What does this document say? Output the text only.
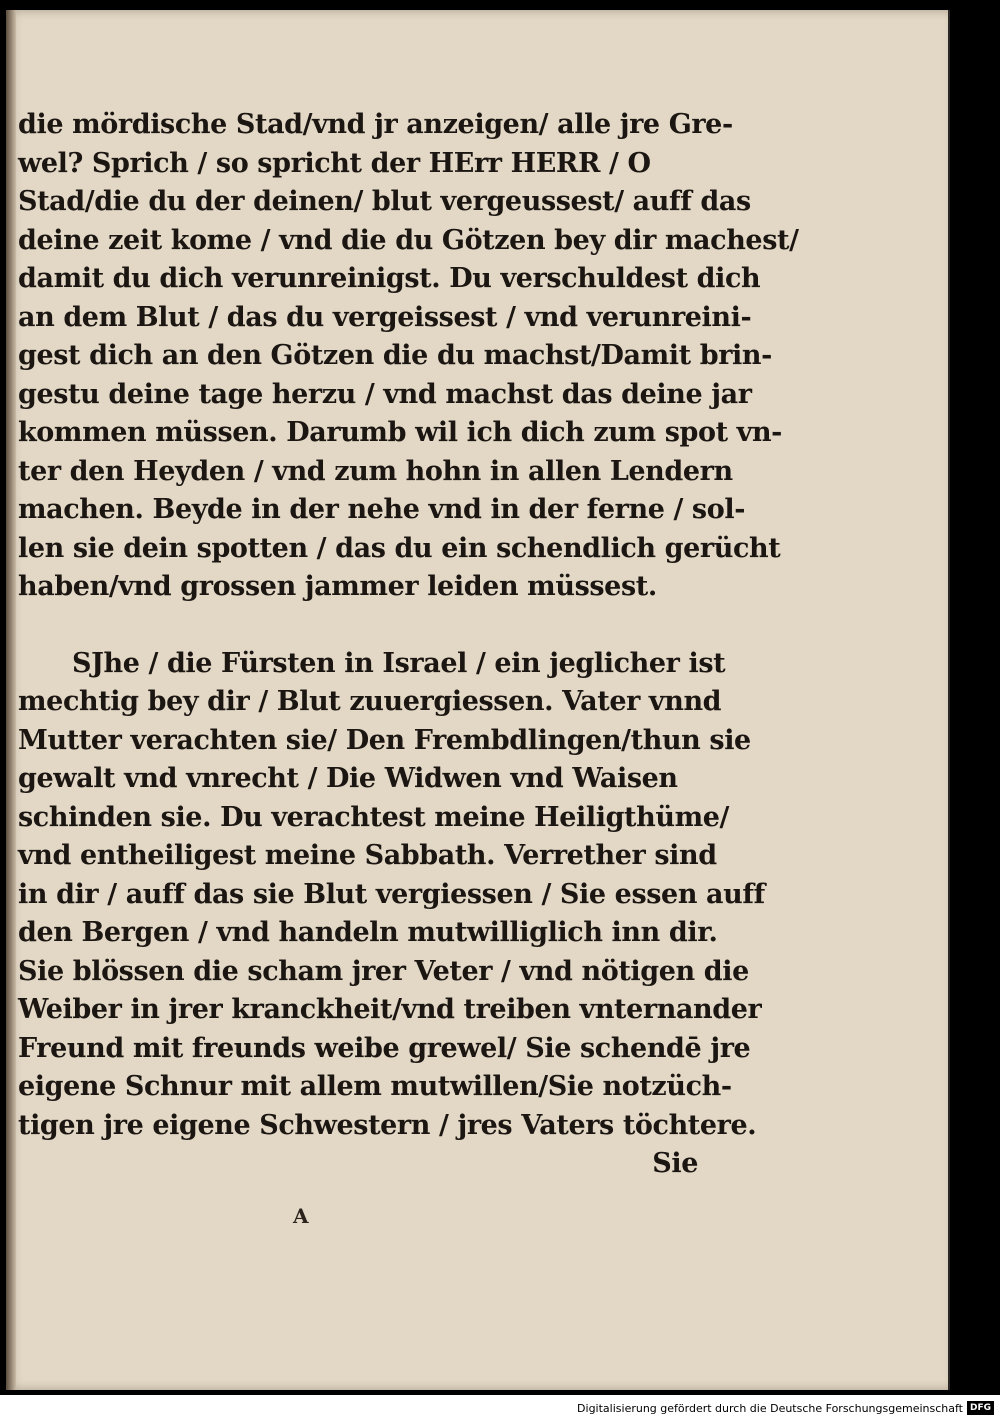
die mördische Stad/vnd jr anzeigen/ alle jre Gre-
wel? Sprich / so spricht der HErr HERR / O
Stad/die du der deinen/ blut vergeussest/ auff das
deine zeit kome / vnd die du Götzen bey dir machest/
damit du dich verunreinigst. Du verschuldest dich
an dem Blut / das du vergeissest / vnd verunreini-
gest dich an den Götzen die du machst/Damit brin-
gestu deine tage herzu / vnd machst das deine jar
kommen müssen. Darumb wil ich dich zum spot vn-
ter den Heyden / vnd zum hohn in allen Lendern
machen. Beyde in der nehe vnd in der ferne / sol-
len sie dein spotten / das du ein schendlich gerücht
haben/vnd grossen jammer leiden müssest.
SJhe / die Fürsten in Israel / ein jeglicher ist
mechtig bey dir / Blut zuuergiessen. Vater vnnd
Mutter verachten sie/ Den Frembdlingen/thun sie
gewalt vnd vnrecht / Die Widwen vnd Waisen
schinden sie. Du verachtest meine Heiligthüme/
vnd entheiligest meine Sabbath. Verrether sind
in dir / auff das sie Blut vergiessen / Sie essen auff
den Bergen / vnd handeln mutwilliglich inn dir.
Sie blössen die scham jrer Veter / vnd nötigen die
Weiber in jrer kranckheit/vnd treiben vnternander
Freund mit freunds weibe grewel/ Sie schendē jre
eigene Schnur mit allem mutwillen/Sie notzüch-
tigen jre eigene Schwestern / jres Vaters töchtere.
Sie
A
Digitalisierung gefördert durch die Deutsche Forschungsgemeinschaft DFG
